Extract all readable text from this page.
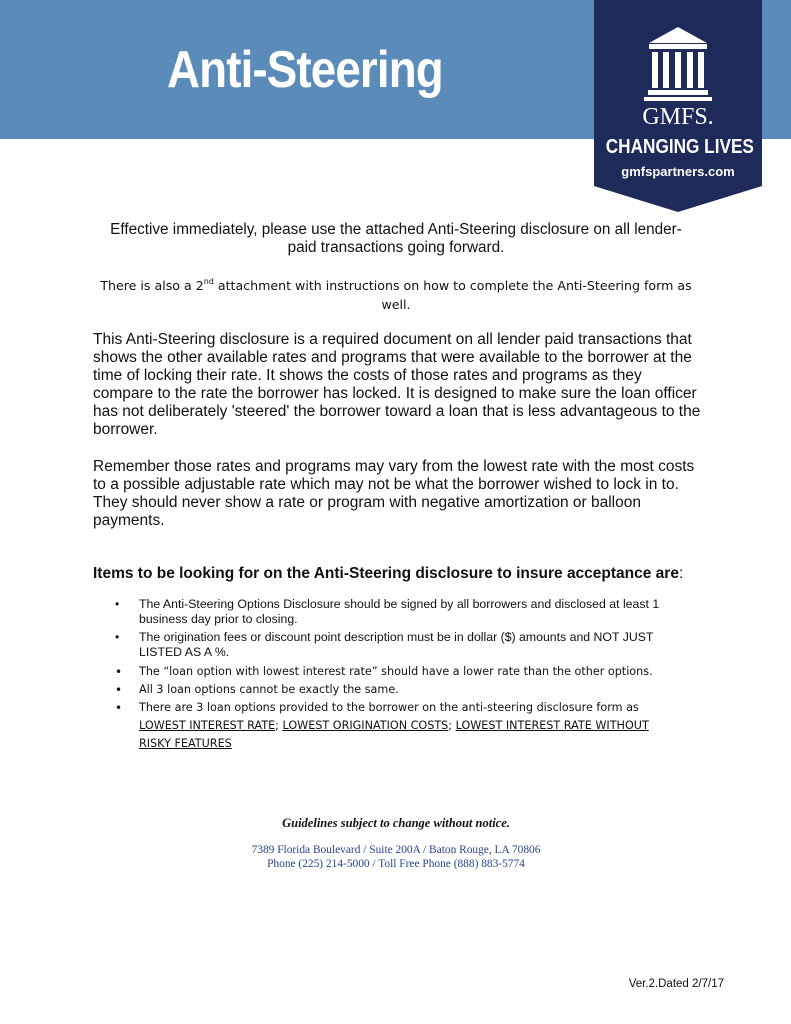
Anti-Steering
GMFS.
CHANGING LIVES
gmfspartners.com
Effective immediately, please use the attached Anti-Steering disclosure on all lender-paid transactions going forward.
There is also a 2nd attachment with instructions on how to complete the Anti-Steering form as well.
This Anti-Steering disclosure is a required document on all lender paid transactions that shows the other available rates and programs that were available to the borrower at the time of locking their rate. It shows the costs of those rates and programs as they compare to the rate the borrower has locked. It is designed to make sure the loan officer has not deliberately 'steered' the borrower toward a loan that is less advantageous to the borrower.
Remember those rates and programs may vary from the lowest rate with the most costs to a possible adjustable rate which may not be what the borrower wished to lock in to. They should never show a rate or program with negative amortization or balloon payments.
Items to be looking for on the Anti-Steering disclosure to insure acceptance are:
• The Anti-Steering Options Disclosure should be signed by all borrowers and disclosed at least 1 business day prior to closing.
• The origination fees or discount point description must be in dollar ($) amounts and NOT JUST LISTED AS A %.
• The “loan option with lowest interest rate” should have a lower rate than the other options.
• All 3 loan options cannot be exactly the same.
• There are 3 loan options provided to the borrower on the anti-steering disclosure form as LOWEST INTEREST RATE; LOWEST ORIGINATION COSTS; LOWEST INTEREST RATE WITHOUT RISKY FEATURES
Guidelines subject to change without notice.
7389 Florida Boulevard / Suite 200A / Baton Rouge, LA 70806
Phone (225) 214-5000 / Toll Free Phone (888) 883-5774
Ver.2.Dated 2/7/17
